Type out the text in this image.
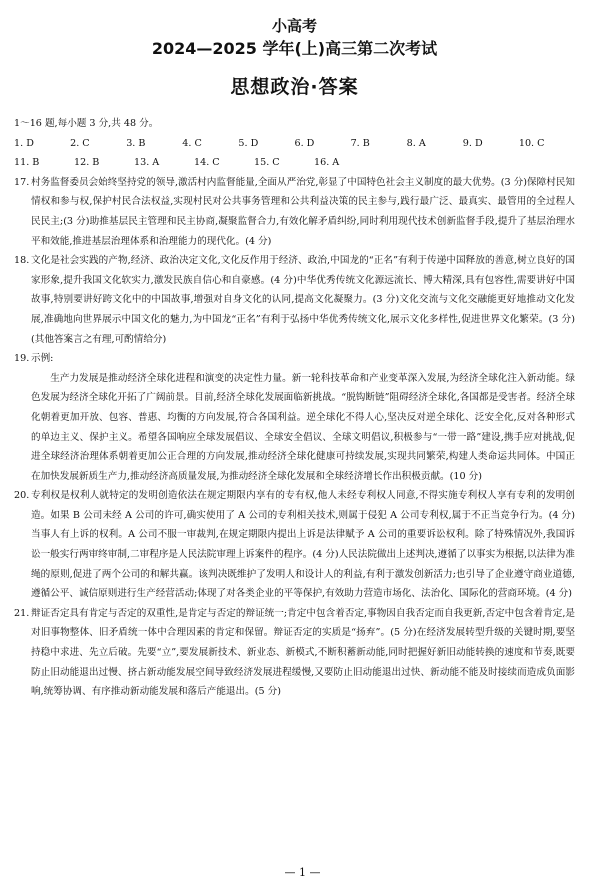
小高考
2024—2025 学年(上)高三第二次考试
思想政治·答案
1～16 题,每小题 3 分,共 48 分。
1. D	2. C	3. B	4. C	5. D	6. D	7. B	8. A	9. D	10. C
11. B	12. B	13. A	14. C	15. C	16. A
17. 村务监督委员会始终坚持党的领导,激活村内监督能量,全面从严治党,彰显了中国特色社会主义制度的最大优势。(3 分)保障村民知情权和参与权,保护村民合法权益,实现村民对公共事务管理和公共利益决策的民主参与,践行最广泛、最真实、最管用的全过程人民民主;(3 分)助推基层民主管理和民主协商,凝聚监督合力,有效化解矛盾纠纷,同时利用现代技术创新监督手段,提升了基层治理水平和效能,推进基层治理体系和治理能力的现代化。(4 分)
18. 文化是社会实践的产物,经济、政治决定文化,文化反作用于经济、政治,中国龙的“正名”有利于传递中国释放的善意,树立良好的国家形象,提升我国文化软实力,激发民族自信心和自豪感。(4 分)中华优秀传统文化源远流长、博大精深,具有包容性,需要讲好中国故事,特别要讲好跨文化中的中国故事,增强对自身文化的认同,提高文化凝聚力。(3 分)文化交流与文化交融能更好地推动文化发展,准确地向世界展示中国文化的魅力,为中国龙“正名”有利于弘扬中华优秀传统文化,展示文化多样性,促进世界文化繁荣。(3 分)(其他答案言之有理,可酌情给分)
19. 示例:
生产力发展是推动经济全球化进程和演变的决定性力量。新一轮科技革命和产业变革深入发展,为经济全球化注入新动能。绿色发展为经济全球化开拓了广阔前景。目前,经济全球化发展面临新挑战。“脱钩断链”阻碍经济全球化,各国都是受害者。经济全球化朝着更加开放、包容、普惠、均衡的方向发展,符合各国利益。逆全球化不得人心,坚决反对逆全球化、泛安全化,反对各种形式的单边主义、保护主义。希望各国响应全球发展倡议、全球安全倡议、全球文明倡议,积极参与“一带一路”建设,携手应对挑战,促进全球经济治理体系朝着更加公正合理的方向发展,推动经济全球化健康可持续发展,实现共同繁荣,构建人类命运共同体。中国正在加快发展新质生产力,推动经济高质量发展,为推动经济全球化发展和全球经济增长作出积极贡献。(10 分)
20. 专利权是权利人就特定的发明创造依法在规定期限内享有的专有权,他人未经专利权人同意,不得实施专利权人享有专利的发明创造。如果 B 公司未经 A 公司的许可,确实使用了 A 公司的专利相关技术,则属于侵犯 A 公司专利权,属于不正当竞争行为。(4 分)当事人有上诉的权利。A 公司不服一审裁判,在规定期限内提出上诉是法律赋予 A 公司的重要诉讼权利。除了特殊情况外,我国诉讼一般实行两审终审制,二审程序是人民法院审理上诉案件的程序。(4 分)人民法院做出上述判决,遵循了以事实为根据,以法律为准绳的原则,促进了两个公司的和解共赢。该判决既维护了发明人和设计人的利益,有利于激发创新活力;也引导了企业遵守商业道德,遵循公平、诚信原则进行生产经营活动;体现了对各类企业的平等保护,有效助力营造市场化、法治化、国际化的营商环境。(4 分)
21. 辩证否定具有肯定与否定的双重性,是肯定与否定的辩证统一;肯定中包含着否定,事物因自我否定而自我更新,否定中包含着肯定,是对旧事物整体、旧矛盾统一体中合理因素的肯定和保留。辩证否定的实质是“扬弃”。(5 分)在经济发展转型升级的关键时期,要坚持稳中求进、先立后破。先要“立”,要发展新技术、新业态、新模式,不断积蓄新动能,同时把握好新旧动能转换的速度和节奏,既要防止旧动能退出过慢、挤占新动能发展空间导致经济发展进程缓慢,又要防止旧动能退出过快、新动能不能及时接续而造成负面影响,统筹协调、有序推动新动能发展和落后产能退出。(5 分)
— 1 —
